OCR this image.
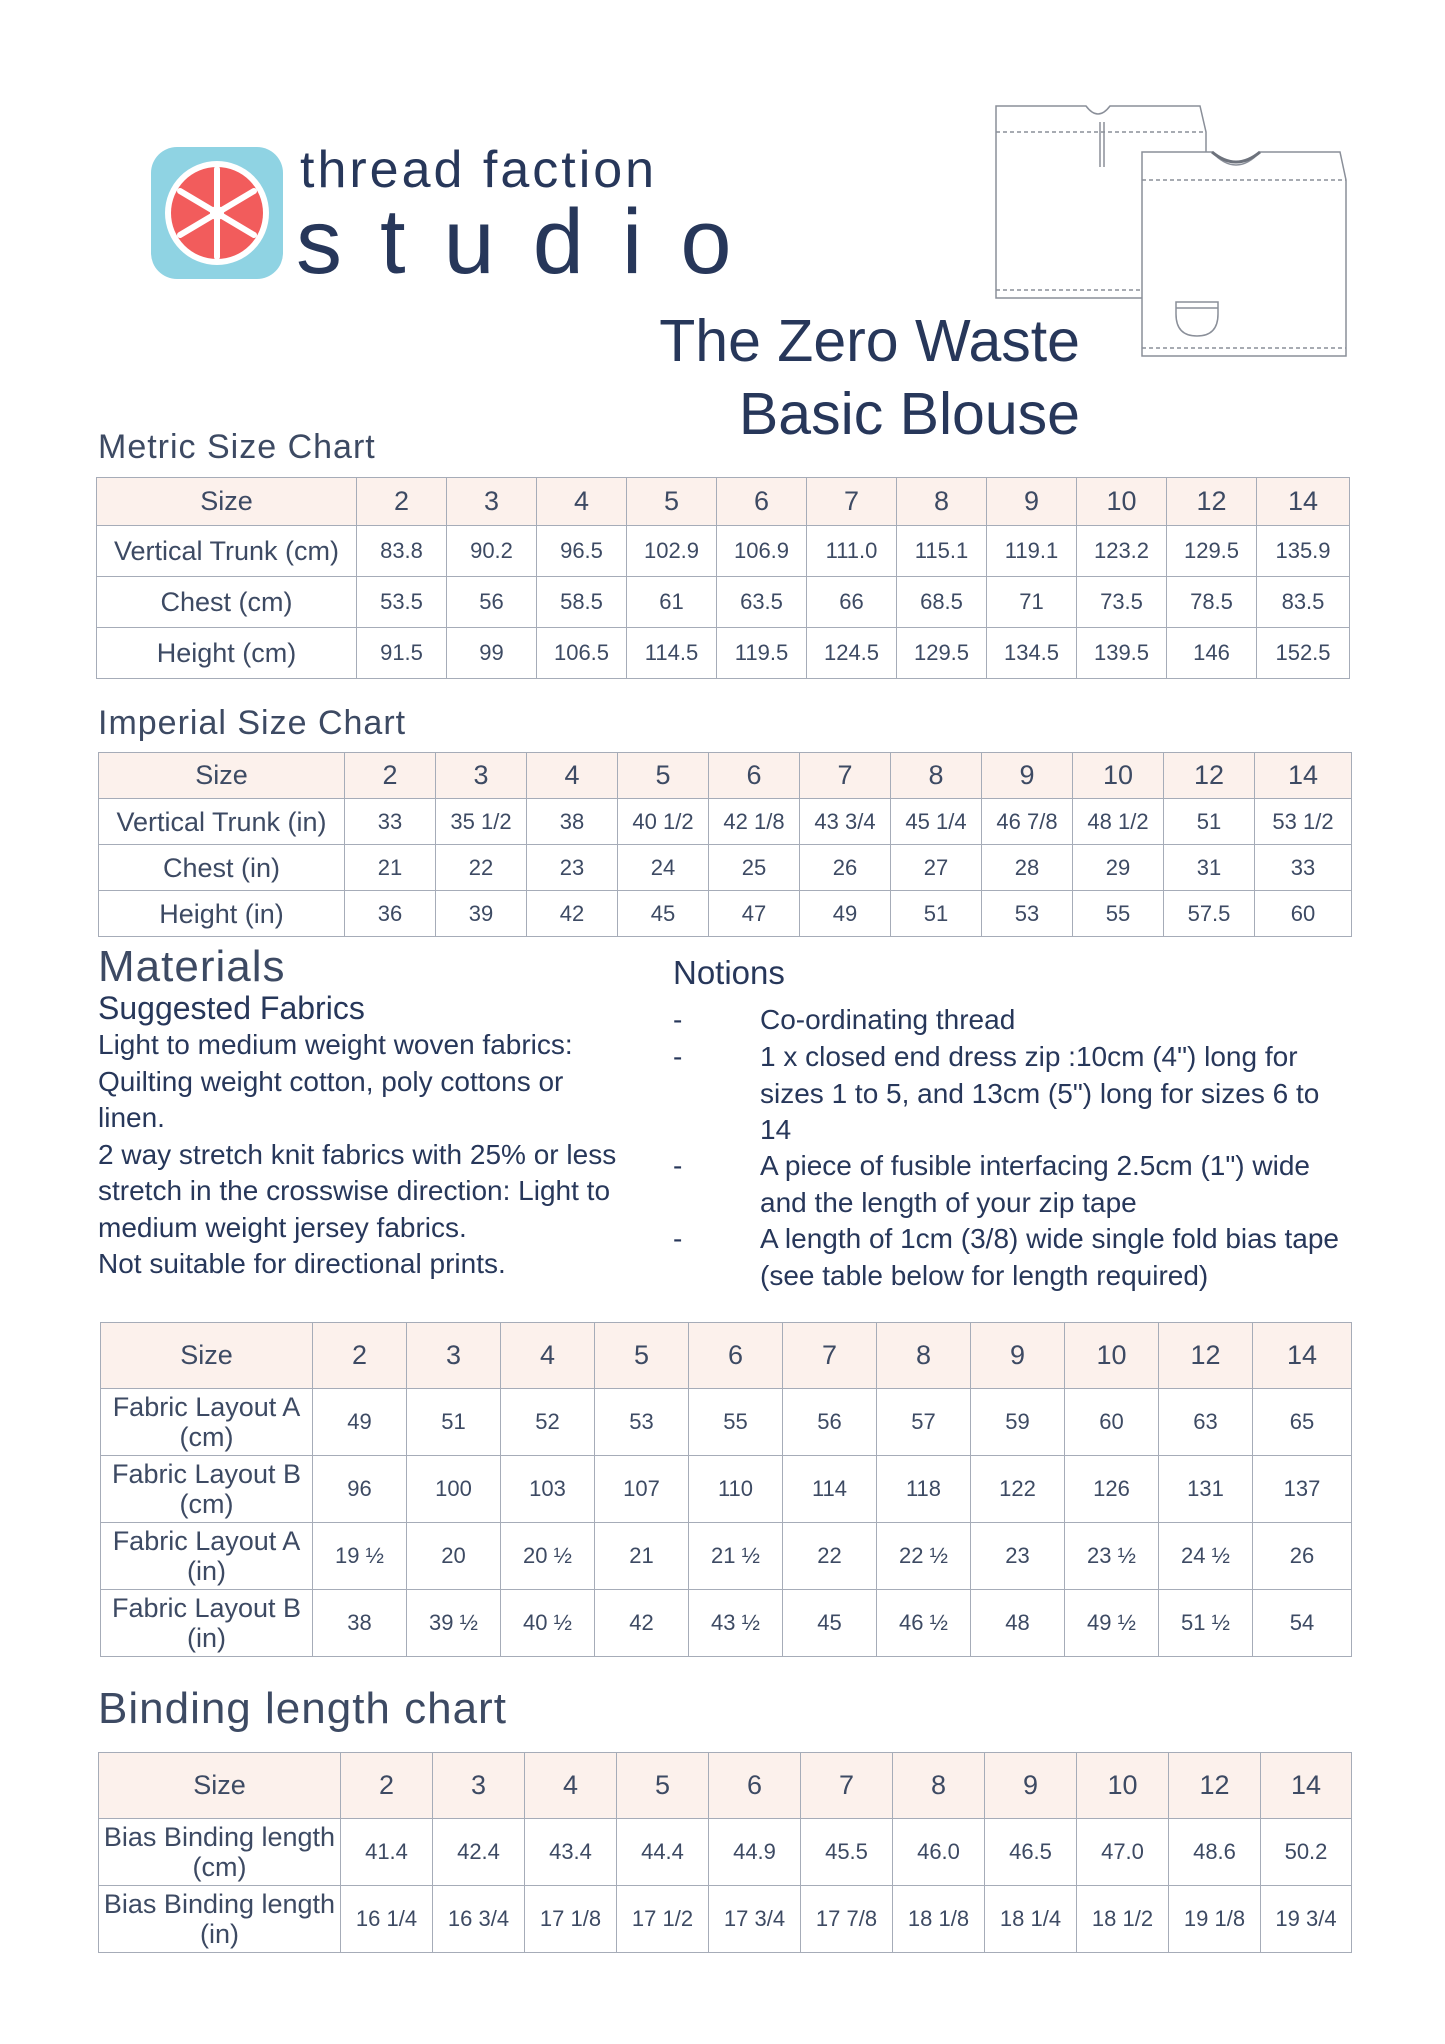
thread faction
studio
The Zero Waste
Basic Blouse
Metric Size Chart
Size	2	3	4	5	6	7	8	9	10	12	14
Vertical Trunk (cm)	83.8	90.2	96.5	102.9	106.9	111.0	115.1	119.1	123.2	129.5	135.9
Chest (cm)	53.5	56	58.5	61	63.5	66	68.5	71	73.5	78.5	83.5
Height (cm)	91.5	99	106.5	114.5	119.5	124.5	129.5	134.5	139.5	146	152.5
Imperial Size Chart
Size	2	3	4	5	6	7	8	9	10	12	14
Vertical Trunk (in)	33	35 1/2	38	40 1/2	42 1/8	43 3/4	45 1/4	46 7/8	48 1/2	51	53 1/2
Chest (in)	21	22	23	24	25	26	27	28	29	31	33
Height (in)	36	39	42	45	47	49	51	53	55	57.5	60
Materials
Suggested Fabrics
Light to medium weight woven fabrics:
Quilting weight cotton, poly cottons or
linen.
2 way stretch knit fabrics with 25% or less
stretch in the crosswise direction: Light to
medium weight jersey fabrics.
Not suitable for directional prints.
Notions
-	Co-ordinating thread
-	1 x closed end dress zip :10cm (4") long for sizes 1 to 5, and 13cm (5") long for sizes 6 to 14
-	A piece of fusible interfacing 2.5cm (1") wide and the length of your zip tape
-	A length of 1cm (3/8) wide single fold bias tape (see table below for length required)
Size	2	3	4	5	6	7	8	9	10	12	14
Fabric Layout A (cm)	49	51	52	53	55	56	57	59	60	63	65
Fabric Layout B (cm)	96	100	103	107	110	114	118	122	126	131	137
Fabric Layout A (in)	19 ½	20	20 ½	21	21 ½	22	22 ½	23	23 ½	24 ½	26
Fabric Layout B (in)	38	39 ½	40 ½	42	43 ½	45	46 ½	48	49 ½	51 ½	54
Binding length chart
Size	2	3	4	5	6	7	8	9	10	12	14
Bias Binding length (cm)	41.4	42.4	43.4	44.4	44.9	45.5	46.0	46.5	47.0	48.6	50.2
Bias Binding length (in)	16 1/4	16 3/4	17 1/8	17 1/2	17 3/4	17 7/8	18 1/8	18 1/4	18 1/2	19 1/8	19 3/4
